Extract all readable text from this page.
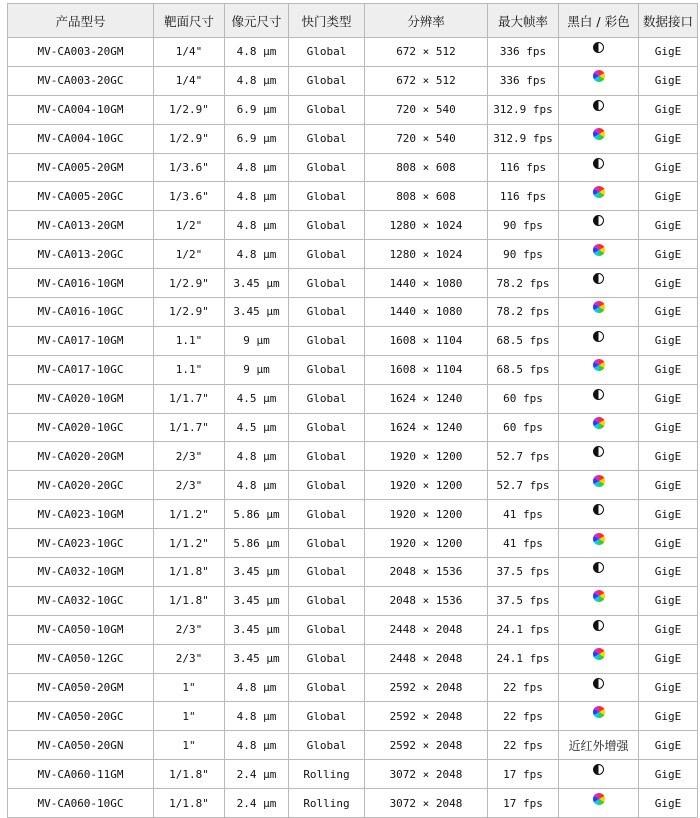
产品型号	靶面尺寸	像元尺寸	快门类型	分辨率	最大帧率	黑白 / 彩色	数据接口
MV-CA003-20GM	1/4"	4.8 μm	Global	672 × 512	336 fps		GigE
MV-CA003-20GC	1/4"	4.8 μm	Global	672 × 512	336 fps		GigE
MV-CA004-10GM	1/2.9"	6.9 μm	Global	720 × 540	312.9 fps		GigE
MV-CA004-10GC	1/2.9"	6.9 μm	Global	720 × 540	312.9 fps		GigE
MV-CA005-20GM	1/3.6"	4.8 μm	Global	808 × 608	116 fps		GigE
MV-CA005-20GC	1/3.6"	4.8 μm	Global	808 × 608	116 fps		GigE
MV-CA013-20GM	1/2"	4.8 μm	Global	1280 × 1024	90 fps		GigE
MV-CA013-20GC	1/2"	4.8 μm	Global	1280 × 1024	90 fps		GigE
MV-CA016-10GM	1/2.9"	3.45 μm	Global	1440 × 1080	78.2 fps		GigE
MV-CA016-10GC	1/2.9"	3.45 μm	Global	1440 × 1080	78.2 fps		GigE
MV-CA017-10GM	1.1"	9 μm	Global	1608 × 1104	68.5 fps		GigE
MV-CA017-10GC	1.1"	9 μm	Global	1608 × 1104	68.5 fps		GigE
MV-CA020-10GM	1/1.7"	4.5 μm	Global	1624 × 1240	60 fps		GigE
MV-CA020-10GC	1/1.7"	4.5 μm	Global	1624 × 1240	60 fps		GigE
MV-CA020-20GM	2/3"	4.8 μm	Global	1920 × 1200	52.7 fps		GigE
MV-CA020-20GC	2/3"	4.8 μm	Global	1920 × 1200	52.7 fps		GigE
MV-CA023-10GM	1/1.2"	5.86 μm	Global	1920 × 1200	41 fps		GigE
MV-CA023-10GC	1/1.2"	5.86 μm	Global	1920 × 1200	41 fps		GigE
MV-CA032-10GM	1/1.8"	3.45 μm	Global	2048 × 1536	37.5 fps		GigE
MV-CA032-10GC	1/1.8"	3.45 μm	Global	2048 × 1536	37.5 fps		GigE
MV-CA050-10GM	2/3"	3.45 μm	Global	2448 × 2048	24.1 fps		GigE
MV-CA050-12GC	2/3"	3.45 μm	Global	2448 × 2048	24.1 fps		GigE
MV-CA050-20GM	1"	4.8 μm	Global	2592 × 2048	22 fps		GigE
MV-CA050-20GC	1"	4.8 μm	Global	2592 × 2048	22 fps		GigE
MV-CA050-20GN	1"	4.8 μm	Global	2592 × 2048	22 fps	近红外增强	GigE
MV-CA060-11GM	1/1.8"	2.4 μm	Rolling	3072 × 2048	17 fps		GigE
MV-CA060-10GC	1/1.8"	2.4 μm	Rolling	3072 × 2048	17 fps		GigE
